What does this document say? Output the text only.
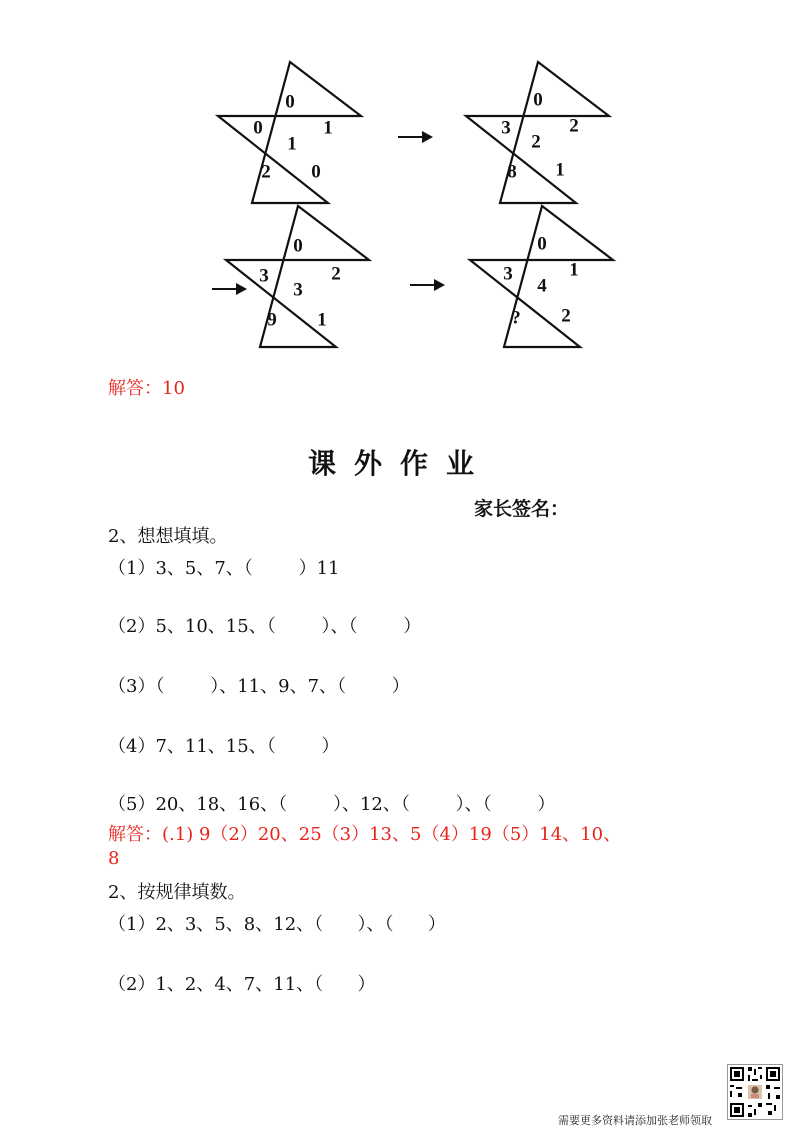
0
0	1
1
2 0
0
3	2
2
8 1
0
3	2
3
9 1
0
3	1
4
? 2
解答：10
课外作业
家长签名：
2、想想填填。
（1）3、5、7、（        ）11
（2）5、10、15、（        ）、（        ）
（3）（        ）、11、9、7、（        ）
（4）7、11、15、（        ）
（5）20、18、16、（        ）、12、（        ）、（        ）
解答：(.1) 9（2）20、25（3）13、5（4）19（5）14、10、
8
2、按规律填数。
（1）2、3、5、8、12、（      ）、（      ）
（2）1、2、4、7、11、（      ）
需要更多资料请添加张老师领取
